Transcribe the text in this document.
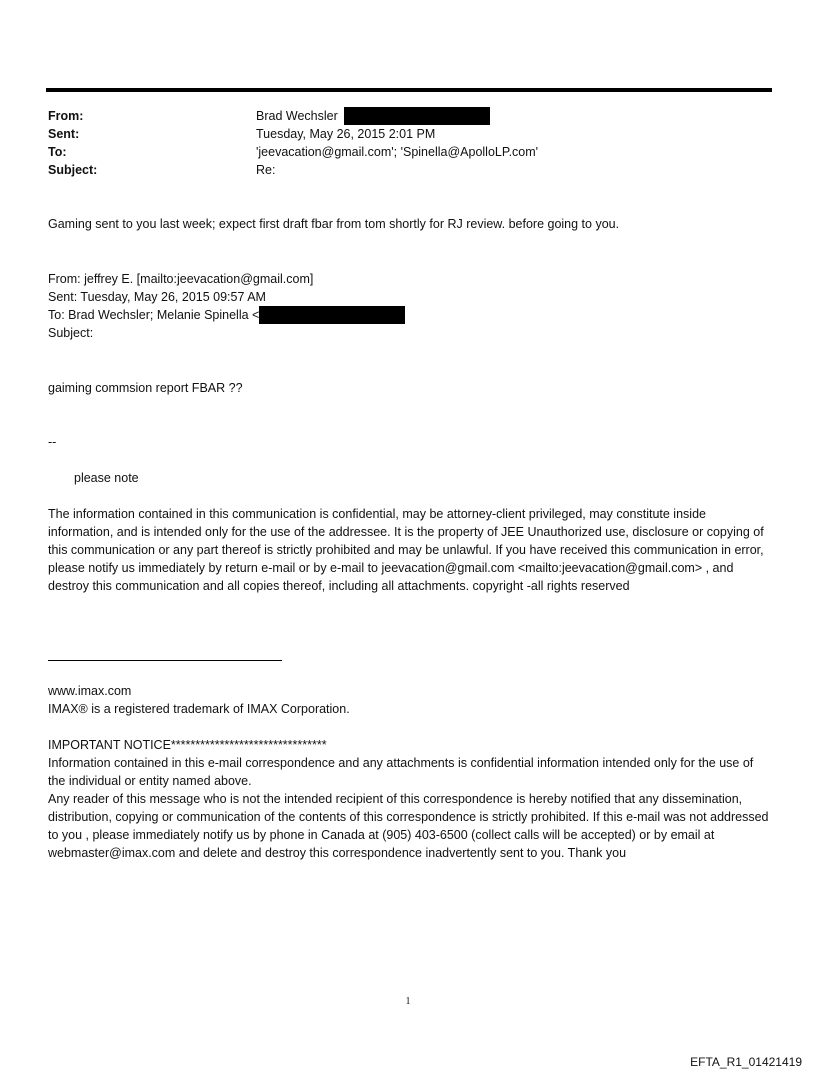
From:	Brad Wechsler
Sent:	Tuesday, May 26, 2015 2:01 PM
To:	'jeevacation@gmail.com'; 'Spinella@ApolloLP.com'
Subject:	Re:
Gaming sent to you last week; expect first draft fbar from tom shortly for RJ review. before going to you.
From: jeffrey E. [mailto:jeevacation@gmail.com]
Sent: Tuesday, May 26, 2015 09:57 AM
To: Brad Wechsler; Melanie Spinella <
Subject:
gaiming commsion report FBAR ??
--
please note
The information contained in this communication is confidential, may be attorney-client privileged, may constitute inside information, and is intended only for the use of the addressee. It is the property of JEE Unauthorized use, disclosure or copying of this communication or any part thereof is strictly prohibited and may be unlawful. If you have received this communication in error, please notify us immediately by return e-mail or by e-mail to jeevacation@gmail.com <mailto:jeevacation@gmail.com> , and destroy this communication and all copies thereof, including all attachments. copyright -all rights reserved
www.imax.com
IMAX® is a registered trademark of IMAX Corporation.
IMPORTANT NOTICE********************************
Information contained in this e-mail correspondence and any attachments is confidential information intended only for the use of the individual or entity named above.
Any reader of this message who is not the intended recipient of this correspondence is hereby notified that any dissemination, distribution, copying or communication of the contents of this correspondence is strictly prohibited. If this e-mail was not addressed to you , please immediately notify us by phone in Canada at (905) 403-6500 (collect calls will be accepted) or by email at webmaster@imax.com and delete and destroy this correspondence inadvertently sent to you. Thank you
1
EFTA_R1_01421419
